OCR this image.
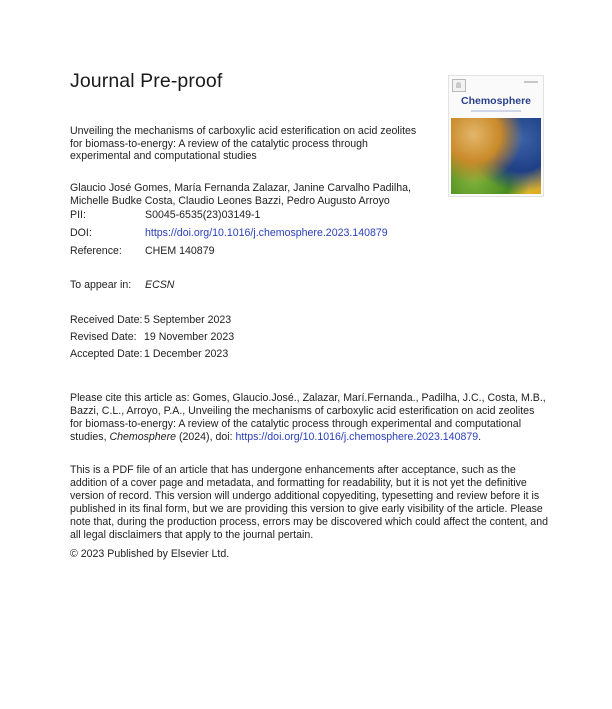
Journal Pre-proof
Chemosphere
Unveiling the mechanisms of carboxylic acid esterification on acid zeolites for biomass-to-energy: A review of the catalytic process through experimental and computational studies
Glaucio José Gomes, María Fernanda Zalazar, Janine Carvalho Padilha, Michelle Budke Costa, Claudio Leones Bazzi, Pedro Augusto Arroyo
PII:	S0045-6535(23)03149-1
DOI:	https://doi.org/10.1016/j.chemosphere.2023.140879
Reference: CHEM 140879
To appear in: ECSN
Received Date: 5 September 2023
Revised Date: 19 November 2023
Accepted Date: 1 December 2023
Please cite this article as: Gomes, Glaucio.José., Zalazar, Marí.Fernanda., Padilha, J.C., Costa, M.B., Bazzi, C.L., Arroyo, P.A., Unveiling the mechanisms of carboxylic acid esterification on acid zeolites for biomass-to-energy: A review of the catalytic process through experimental and computational studies, Chemosphere (2024), doi: https://doi.org/10.1016/j.chemosphere.2023.140879.
This is a PDF file of an article that has undergone enhancements after acceptance, such as the addition of a cover page and metadata, and formatting for readability, but it is not yet the definitive version of record. This version will undergo additional copyediting, typesetting and review before it is published in its final form, but we are providing this version to give early visibility of the article. Please note that, during the production process, errors may be discovered which could affect the content, and all legal disclaimers that apply to the journal pertain.
© 2023 Published by Elsevier Ltd.
